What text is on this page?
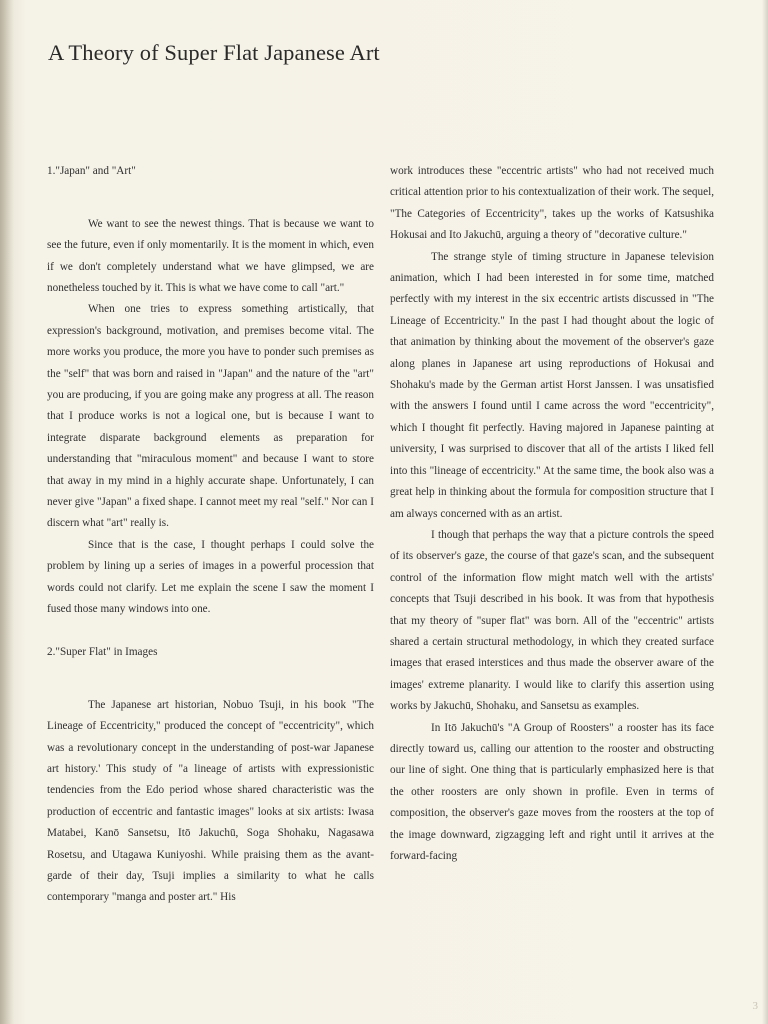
A Theory of Super Flat Japanese Art
1."Japan" and "Art"

We want to see the newest things. That is because we want to see the future, even if only momentarily. It is the moment in which, even if we don't completely understand what we have glimpsed, we are nonetheless touched by it. This is what we have come to call "art."

When one tries to express something artistically, that expression's background, motivation, and premises become vital. The more works you produce, the more you have to ponder such premises as the "self" that was born and raised in "Japan" and the nature of the "art" you are producing, if you are going make any progress at all. The reason that I produce works is not a logical one, but is because I want to integrate disparate background elements as preparation for understanding that "miraculous moment" and because I want to store that away in my mind in a highly accurate shape. Unfortunately, I can never give "Japan" a fixed shape. I cannot meet my real "self." Nor can I discern what "art" really is.

Since that is the case, I thought perhaps I could solve the problem by lining up a series of images in a powerful procession that words could not clarify. Let me explain the scene I saw the moment I fused those many windows into one.

2."Super Flat" in Images

The Japanese art historian, Nobuo Tsuji, in his book "The Lineage of Eccentricity," produced the concept of "eccentricity", which was a revolutionary concept in the understanding of post-war Japanese art history.' This study of "a lineage of artists with expressionistic tendencies from the Edo period whose shared characteristic was the production of eccentric and fantastic images" looks at six artists: Iwasa Matabei, Kanō Sansetsu, Itō Jakuchū, Soga Shohaku, Nagasawa Rosetsu, and Utagawa Kuniyoshi. While praising them as the avant-garde of their day, Tsuji implies a similarity to what he calls contemporary "manga and poster art." His

work introduces these "eccentric artists" who had not received much critical attention prior to his contextualization of their work. The sequel, "The Categories of Eccentricity", takes up the works of Katsushika Hokusai and Ito Jakuchū, arguing a theory of "decorative culture."

The strange style of timing structure in Japanese television animation, which I had been interested in for some time, matched perfectly with my interest in the six eccentric artists discussed in "The Lineage of Eccentricity." In the past I had thought about the logic of that animation by thinking about the movement of the observer's gaze along planes in Japanese art using reproductions of Hokusai and Shohaku's made by the German artist Horst Janssen. I was unsatisfied with the answers I found until I came across the word "eccentricity", which I thought fit perfectly. Having majored in Japanese painting at university, I was surprised to discover that all of the artists I liked fell into this "lineage of eccentricity." At the same time, the book also was a great help in thinking about the formula for composition structure that I am always concerned with as an artist.

I though that perhaps the way that a picture controls the speed of its observer's gaze, the course of that gaze's scan, and the subsequent control of the information flow might match well with the artists' concepts that Tsuji described in his book. It was from that hypothesis that my theory of "super flat" was born. All of the "eccentric" artists shared a certain structural methodology, in which they created surface images that erased interstices and thus made the observer aware of the images' extreme planarity. I would like to clarify this assertion using works by Jakuchū, Shohaku, and Sansetsu as examples.

In Itō Jakuchū's "A Group of Roosters" a rooster has its face directly toward us, calling our attention to the rooster and obstructing our line of sight. One thing that is particularly emphasized here is that the other roosters are only shown in profile. Even in terms of composition, the observer's gaze moves from the roosters at the top of the image downward, zigzagging left and right until it arrives at the forward-facing

3
